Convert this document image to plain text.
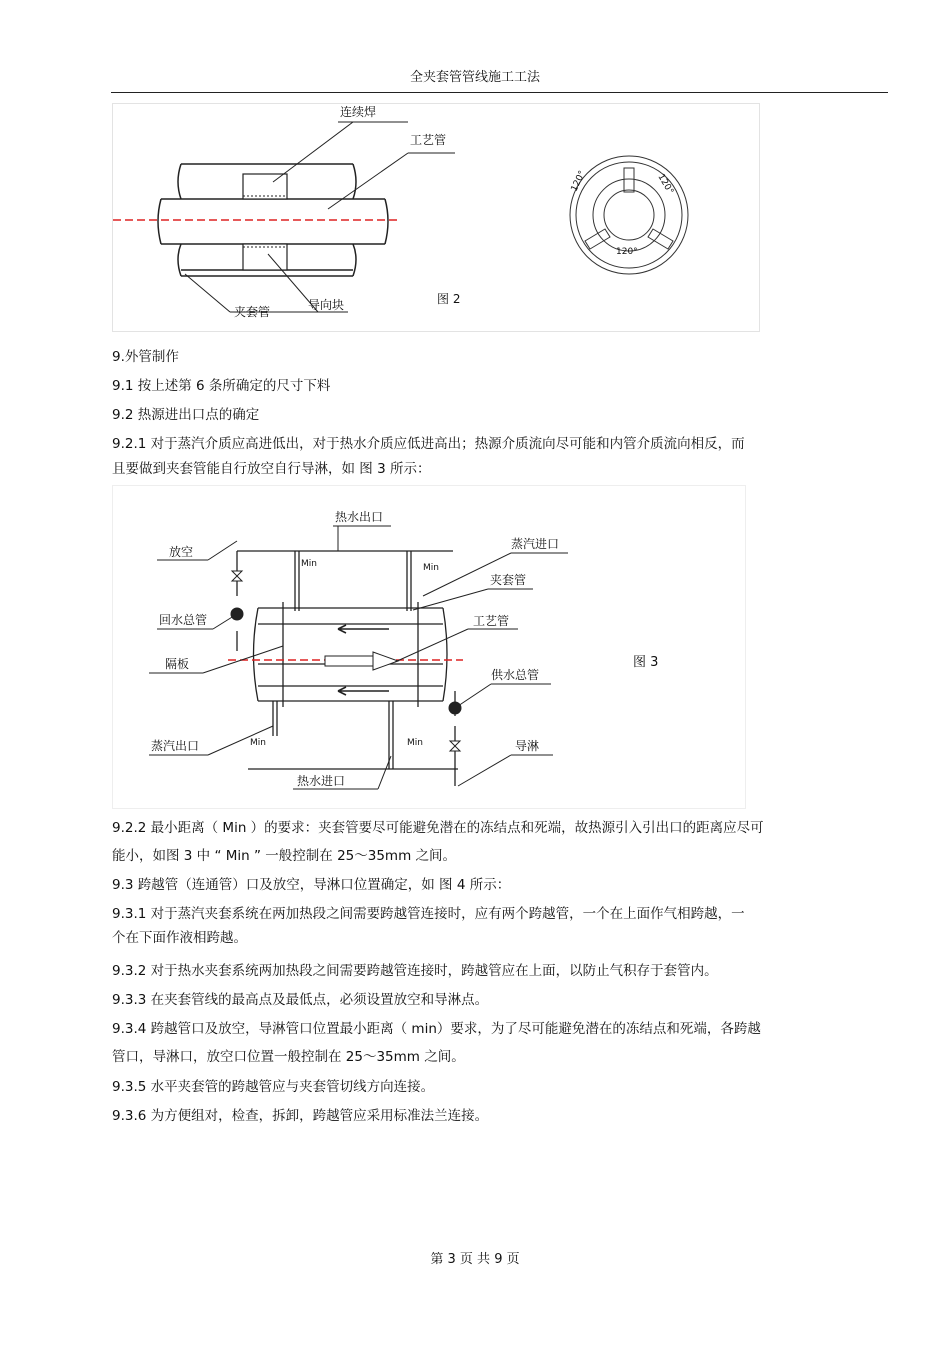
全夹套管管线施工工法
连续焊
工艺管
夹套管	导向块	图 2
120°	120°
120°
9.外管制作
9.1 按上述第 6 条所确定的尺寸下料
9.2 热源进出口点的确定
9.2.1 对于蒸汽介质应高进低出，对于热水介质应低进高出；热源介质流向尽可能和内管介质流向相反，而
且要做到夹套管能自行放空自行导淋，如 图 3 所示：
热水出口
放空
蒸汽进口
夹套管
回水总管	工艺管
隔板	图 3
供水总管
蒸汽出口	导淋
热水进口
Min	Min
Min	Min
9.2.2 最小距离（ Min ）的要求：夹套管要尽可能避免潜在的冻结点和死端，故热源引入引出口的距离应尽可
能小，如图 3 中 “ Min ” 一般控制在 25～35mm 之间。
9.3 跨越管（连通管）口及放空，导淋口位置确定，如 图 4 所示：
9.3.1 对于蒸汽夹套系统在两加热段之间需要跨越管连接时，应有两个跨越管，一个在上面作气相跨越，一
个在下面作液相跨越。
9.3.2 对于热水夹套系统两加热段之间需要跨越管连接时，跨越管应在上面，以防止气积存于套管内。
9.3.3 在夹套管线的最高点及最低点，必须设置放空和导淋点。
9.3.4 跨越管口及放空，导淋管口位置最小距离（ min）要求，为了尽可能避免潜在的冻结点和死端，各跨越
管口，导淋口，放空口位置一般控制在 25～35mm 之间。
9.3.5 水平夹套管的跨越管应与夹套管切线方向连接。
9.3.6 为方便组对，检查，拆卸，跨越管应采用标准法兰连接。
第 3 页 共 9 页
